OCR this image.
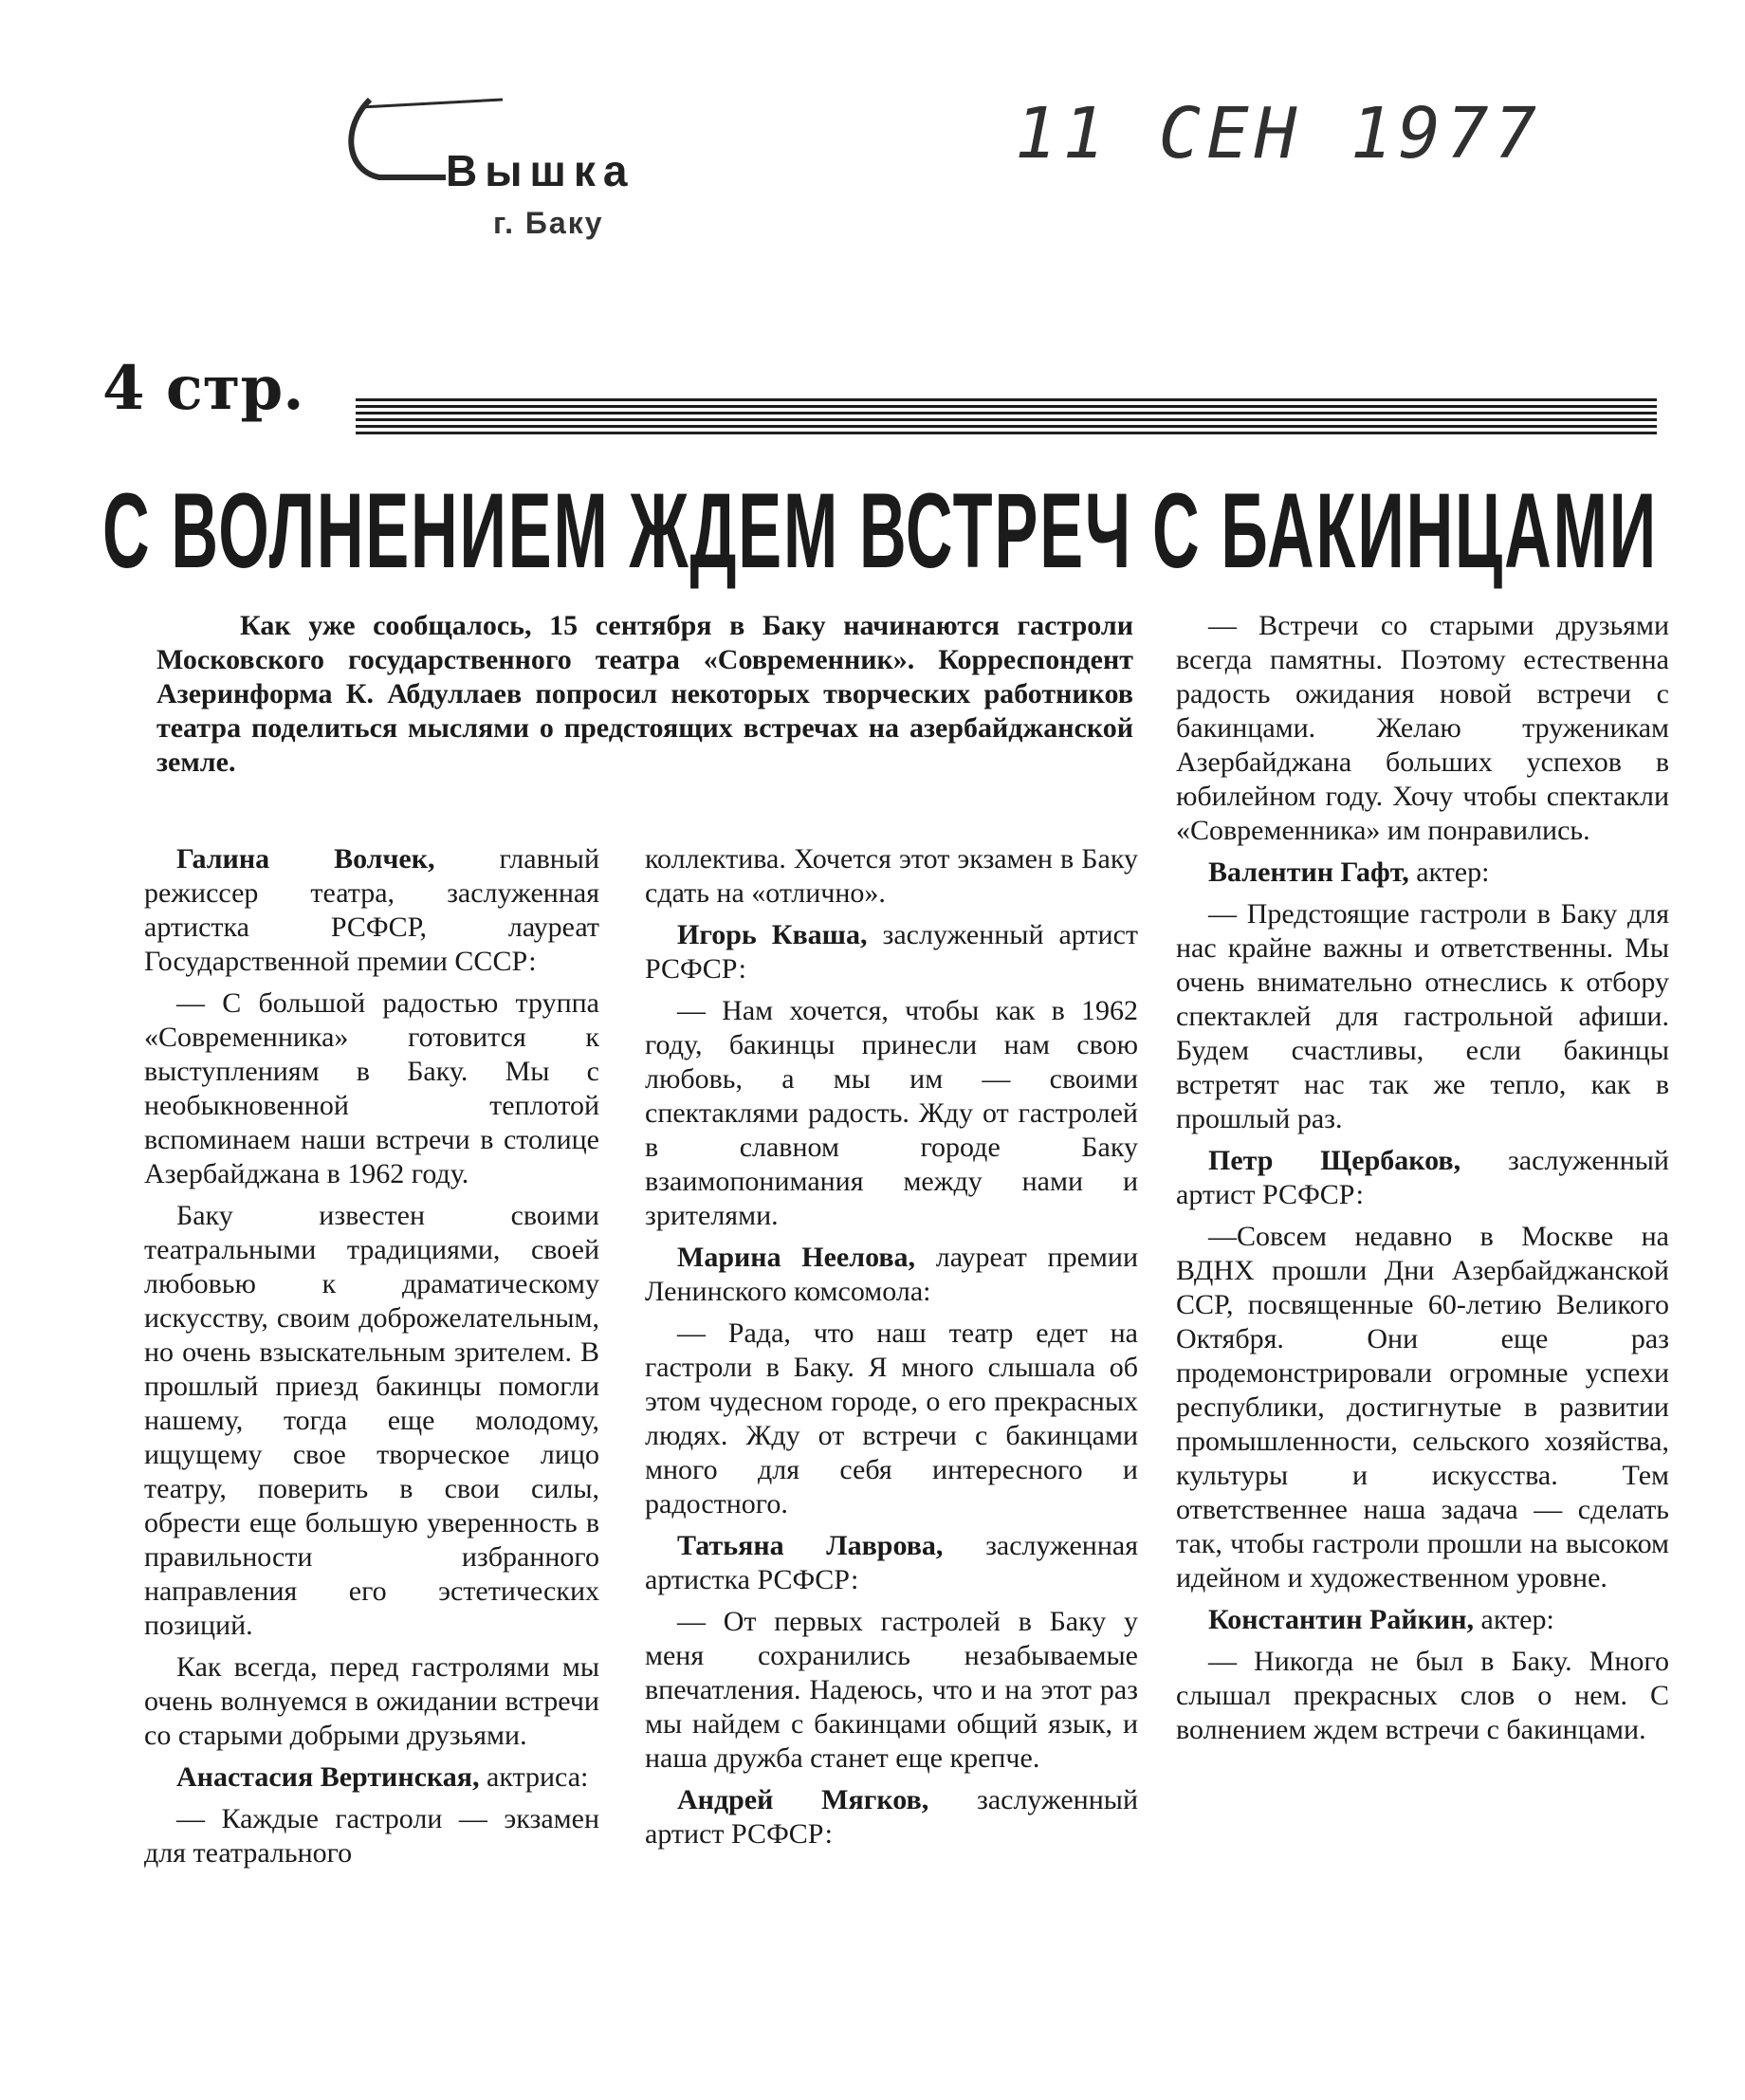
Вышка
г. Баку
11 СЕН 1977
4 стр.
С ВОЛНЕНИЕМ ЖДЕМ ВСТРЕЧ С БАКИНЦАМИ
Как уже сообщалось, 15 сентября в Баку начинаются гастроли Московского государственного театра «Современник». Корреспондент Азеринформа К. Абдуллаев попросил некоторых творческих работников театра поделиться мыслями о предстоящих встречах на азербайджанской земле.

Галина Волчек, главный режиссер театра, заслуженная артистка РСФСР, лауреат Государственной премии СССР:

— С большой радостью труппа «Современника» готовится к выступлениям в Баку. Мы с необыкновенной теплотой вспоминаем наши встречи в столице Азербайджана в 1962 году.

Баку известен своими театральными традициями, своей любовью к драматическому искусству, своим доброжелательным, но очень взыскательным зрителем. В прошлый приезд бакинцы помогли нашему, тогда еще молодому, ищущему свое творческое лицо театру, поверить в свои силы, обрести еще большую уверенность в правильности избранного направления его эстетических позиций.

Как всегда, перед гастролями мы очень волнуемся в ожидании встречи со старыми добрыми друзьями.

Анастасия Вертинская, актриса:

— Каждые гастроли — экзамен для театрального

коллектива. Хочется этот экзамен в Баку сдать на «отлично».

Игорь Кваша, заслуженный артист РСФСР:

— Нам хочется, чтобы как в 1962 году, бакинцы принесли нам свою любовь, а мы им — своими спектаклями радость. Жду от гастролей в славном городе Баку взаимопонимания между нами и зрителями.

Марина Неелова, лауреат премии Ленинского комсомола:

— Рада, что наш театр едет на гастроли в Баку. Я много слышала об этом чудесном городе, о его прекрасных людях. Жду от встречи с бакинцами много для себя интересного и радостного.

Татьяна Лаврова, заслуженная артистка РСФСР:

— От первых гастролей в Баку у меня сохранились незабываемые впечатления. Надеюсь, что и на этот раз мы найдем с бакинцами общий язык, и наша дружба станет еще крепче.

Андрей Мягков, заслуженный артист РСФСР:

— Встречи со старыми друзьями всегда памятны. Поэтому естественна радость ожидания новой встречи с бакинцами. Желаю труженикам Азербайджана больших успехов в юбилейном году. Хочу чтобы спектакли «Современника» им понравились.

Валентин Гафт, актер:

— Предстоящие гастроли в Баку для нас крайне важны и ответственны. Мы очень внимательно отнеслись к отбору спектаклей для гастрольной афиши. Будем счастливы, если бакинцы встретят нас так же тепло, как в прошлый раз.

Петр Щербаков, заслуженный артист РСФСР:

—Совсем недавно в Москве на ВДНХ прошли Дни Азербайджанской ССР, посвященные 60-летию Великого Октября. Они еще раз продемонстрировали огромные успехи республики, достигнутые в развитии промышленности, сельского хозяйства, культуры и искусства. Тем ответственнее наша задача — сделать так, чтобы гастроли прошли на высоком идейном и художественном уровне.

Константин Райкин, актер:

— Никогда не был в Баку. Много слышал прекрасных слов о нем. С волнением ждем встречи с бакинцами.
